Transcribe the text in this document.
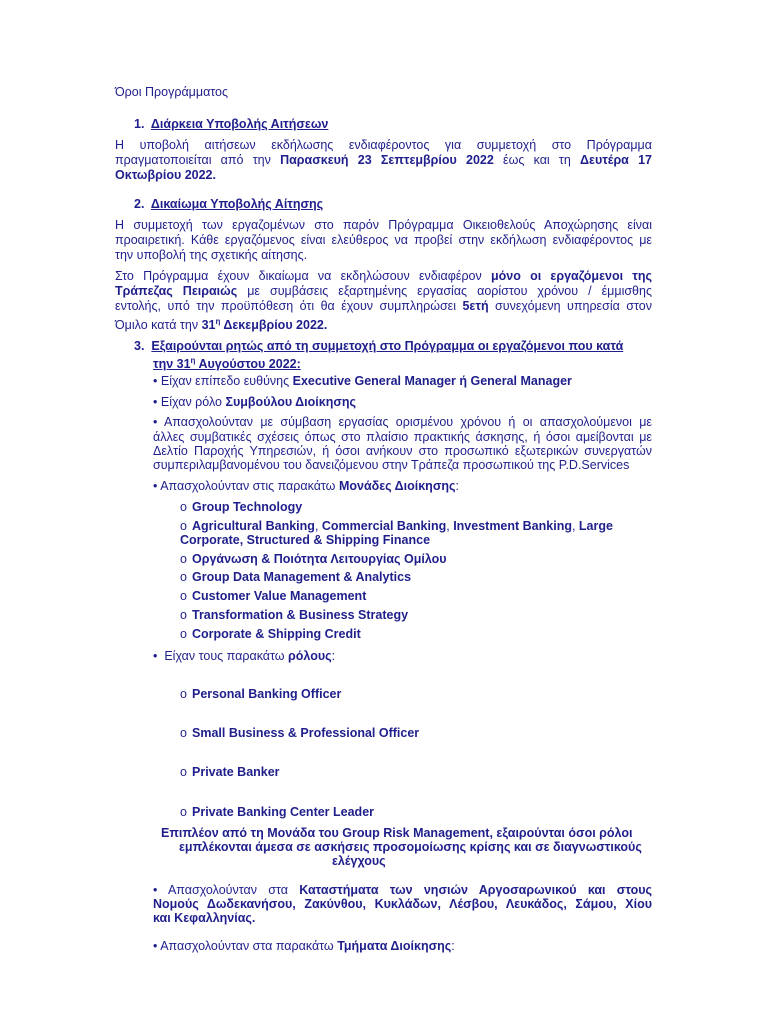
Όροι Προγράμματος
1. Διάρκεια Υποβολής Αιτήσεων
Η υποβολή αιτήσεων εκδήλωσης ενδιαφέροντος για συμμετοχή στο Πρόγραμμα
πραγματοποιείται από την Παρασκευή 23 Σεπτεμβρίου 2022 έως και τη Δευτέρα 17
Οκτωβρίου 2022.
2. Δικαίωμα Υποβολής Αίτησης
Η συμμετοχή των εργαζομένων στο παρόν Πρόγραμμα Οικειοθελούς Αποχώρησης είναι
προαιρετική. Κάθε εργαζόμενος είναι ελεύθερος να προβεί στην εκδήλωση ενδιαφέροντος με
την υποβολή της σχετικής αίτησης.
Στο Πρόγραμμα έχουν δικαίωμα να εκδηλώσουν ενδιαφέρον μόνο οι εργαζόμενοι της
Τράπεζας Πειραιώς με συμβάσεις εξαρτημένης εργασίας αορίστου χρόνου / έμμισθης
εντολής, υπό την προϋπόθεση ότι θα έχουν συμπληρώσει 5ετή συνεχόμενη υπηρεσία στον
Όμιλο κατά την $31^\eta$ Δεκεμβρίου 2022.
3. Εξαιρούνται ρητώς από τη συμμετοχή στο Πρόγραμμα οι εργαζόμενοι που κατά
την $31^\eta$ Αυγούστου 2022:
• Είχαν επίπεδο ευθύνης Executive General Manager ή General Manager
• Είχαν ρόλο Συμβούλου Διοίκησης
• Απασχολούνταν με σύμβαση εργασίας ορισμένου χρόνου ή οι απασχολούμενοι με
άλλες συμβατικές σχέσεις όπως στο πλαίσιο πρακτικής άσκησης, ή όσοι αμείβονται με
Δελτίο Παροχής Υπηρεσιών, ή όσοι ανήκουν στο προσωπικό εξωτερικών συνεργατών
συμπεριλαμβανομένου του δανειζόμενου στην Τράπεζα προσωπικού της P.D.Services
• Απασχολούνταν στις παρακάτω Μονάδες Διοίκησης:
o Group Technology
o Agricultural Banking, Commercial Banking, Investment Banking, Large
Corporate, Structured & Shipping Finance
o Οργάνωση & Ποιότητα Λειτουργίας Ομίλου
o Group Data Management & Analytics
o Customer Value Management
o Transformation & Business Strategy
o Corporate & Shipping Credit
• Είχαν τους παρακάτω ρόλους:
o Personal Banking Officer
o Small Business & Professional Officer
o Private Banker
o Private Banking Center Leader
Επιπλέον από τη Μονάδα του Group Risk Management, εξαιρούνται όσοι ρόλοι
εμπλέκονται άμεσα σε ασκήσεις προσομοίωσης κρίσης και σε διαγνωστικούς
ελέγχους
• Απασχολούνταν στα Καταστήματα των νησιών Αργοσαρωνικού και στους
Νομούς Δωδεκανήσου, Ζακύνθου, Κυκλάδων, Λέσβου, Λευκάδος, Σάμου, Χίου
και Κεφαλληνίας.
• Απασχολούνταν στα παρακάτω Τμήματα Διοίκησης:
